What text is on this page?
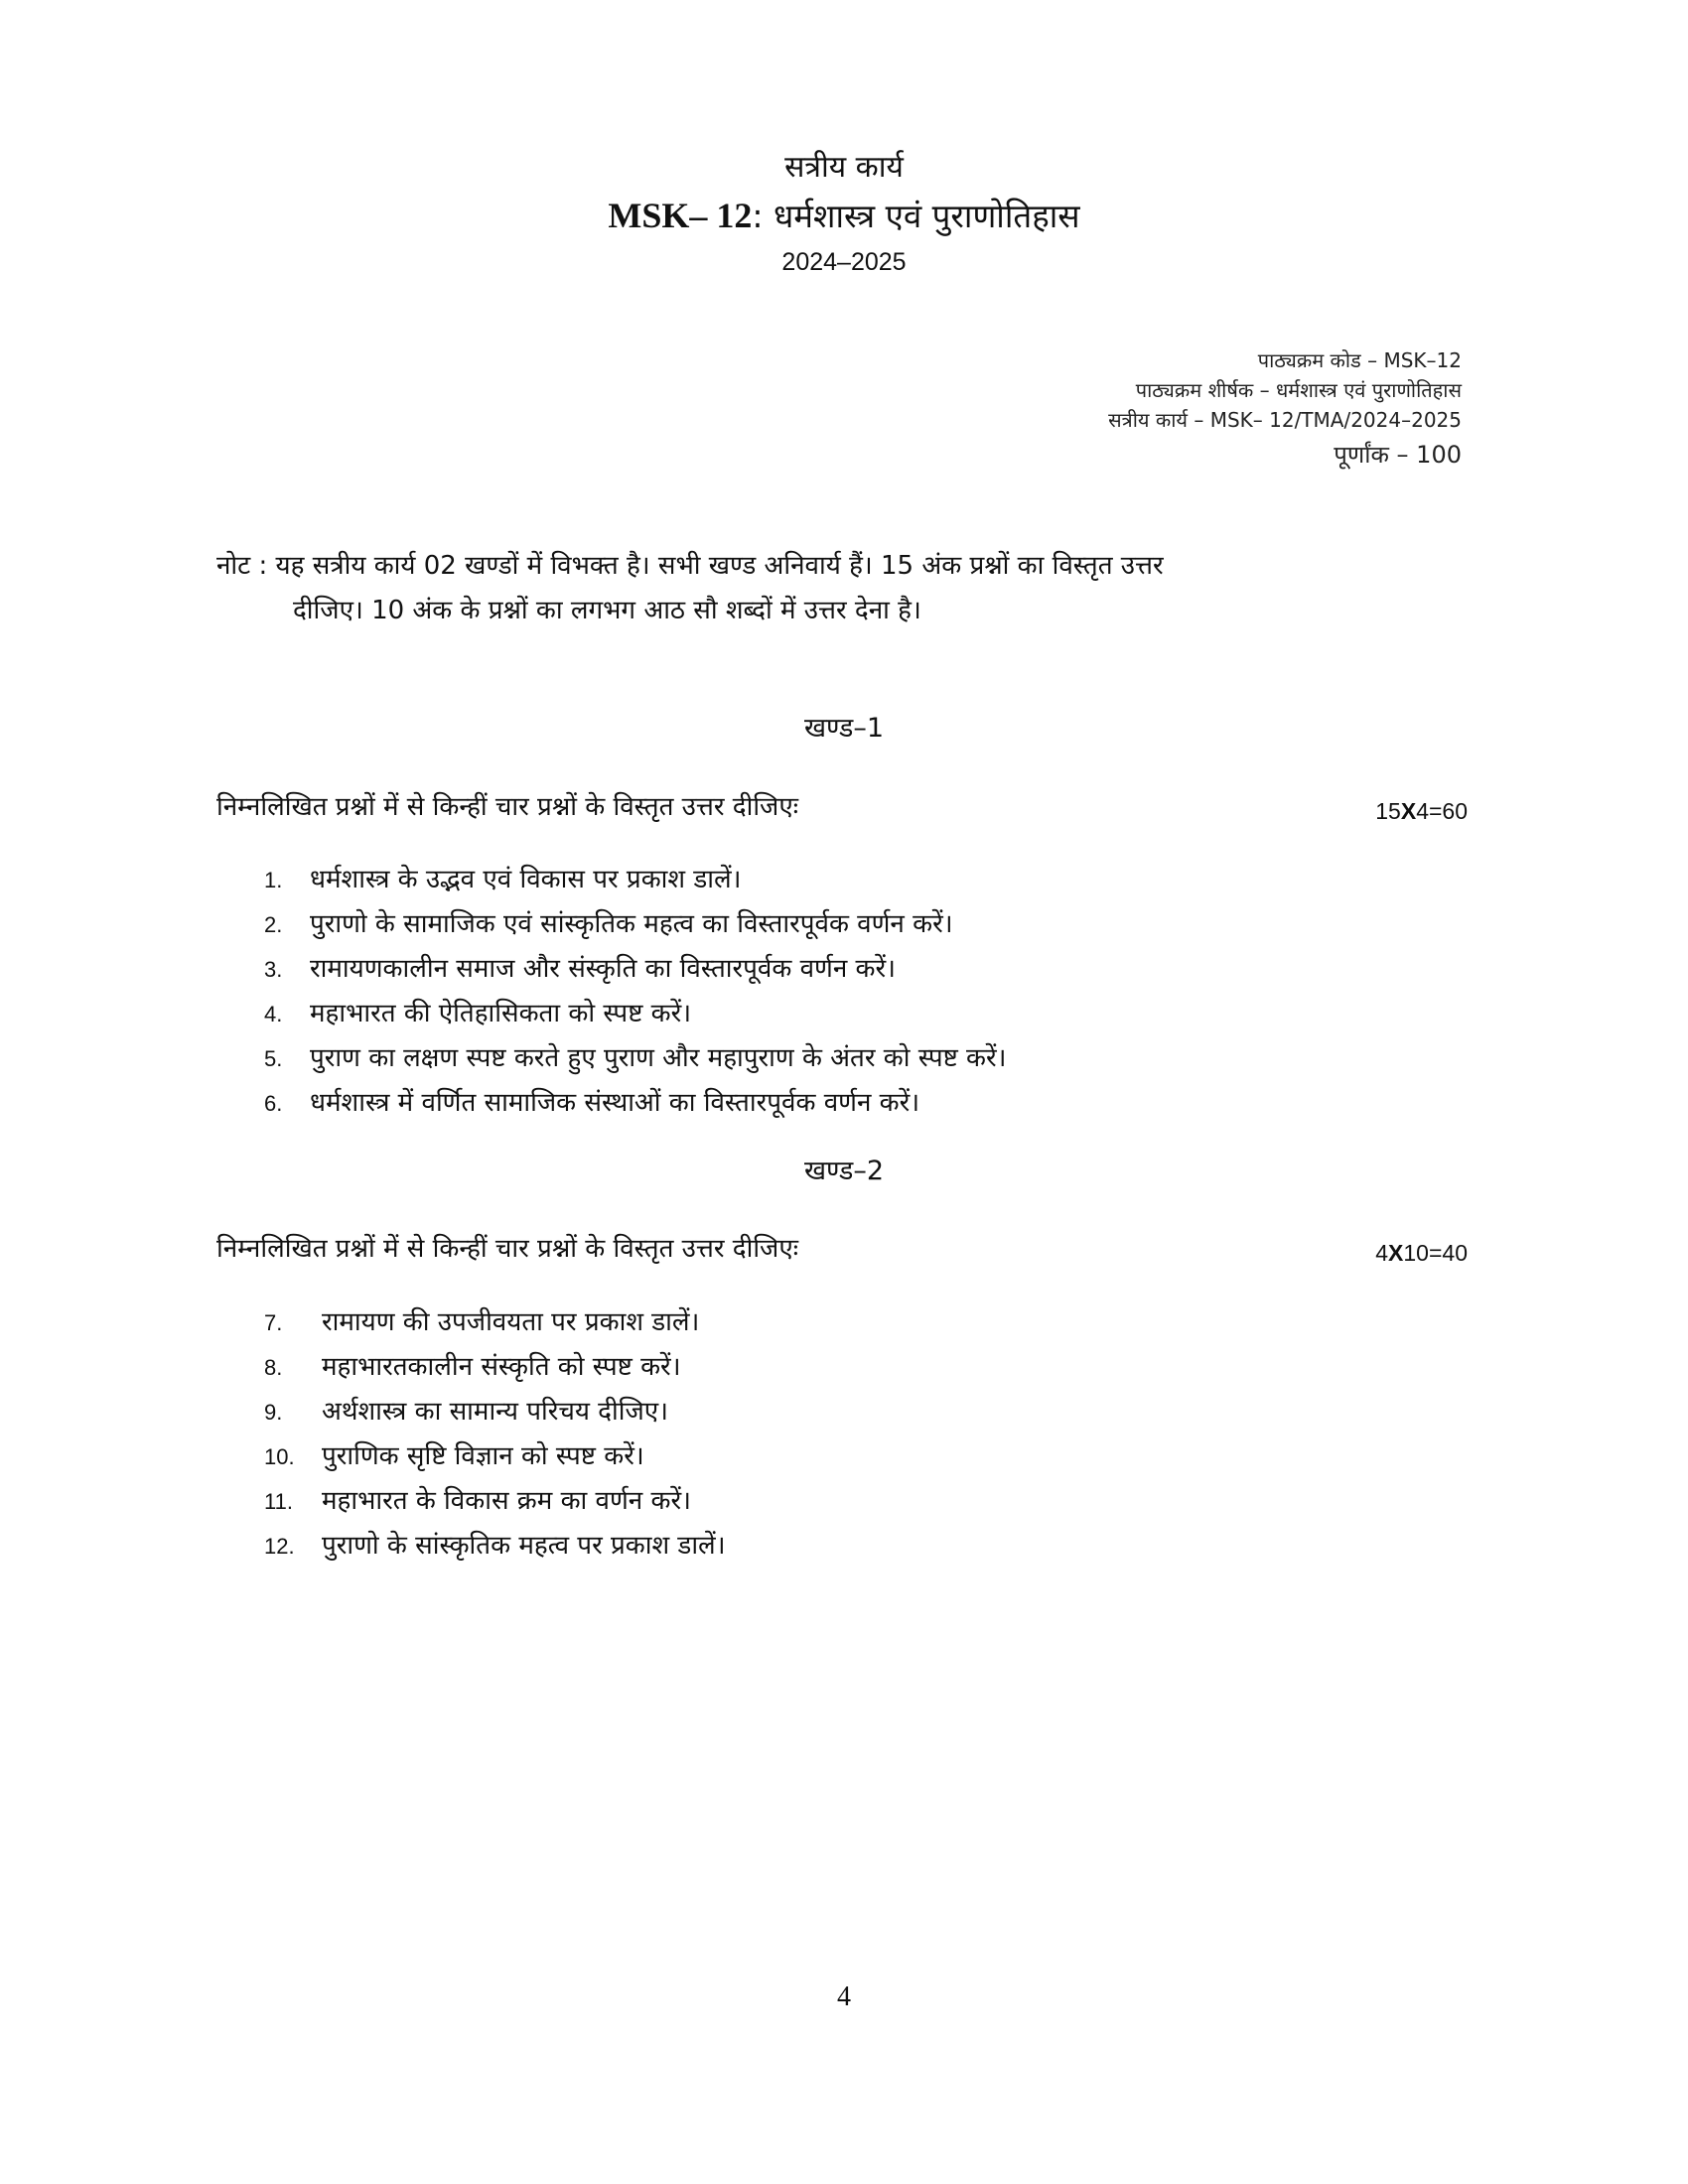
सत्रीय कार्य
MSK– 12: धर्मशास्त्र एवं पुराणोतिहास
2024–2025
पाठ्यक्रम कोड – MSK–12
पाठ्यक्रम शीर्षक – धर्मशास्त्र एवं पुराणोतिहास
सत्रीय कार्य – MSK– 12/TMA/2024–2025
पूर्णांक – 100
नोट : यह सत्रीय कार्य 02 खण्डों में विभक्त है। सभी खण्ड अनिवार्य हैं। 15 अंक प्रश्नों का विस्तृत उत्तर
दीजिए। 10 अंक के प्रश्नों का लगभग आठ सौ शब्दों में उत्तर देना है।
खण्ड–1
निम्नलिखित प्रश्नों में से किन्हीं चार प्रश्नों के विस्तृत उत्तर दीजिएः	15X4=60
1. धर्मशास्त्र के उद्भव एवं विकास पर प्रकाश डालें।
2. पुराणो के सामाजिक एवं सांस्कृतिक महत्व का विस्तारपूर्वक वर्णन करें।
3. रामायणकालीन समाज और संस्कृति का विस्तारपूर्वक वर्णन करें।
4. महाभारत की ऐतिहासिकता को स्पष्ट करें।
5. पुराण का लक्षण स्पष्ट करते हुए पुराण और महापुराण के अंतर को स्पष्ट करें।
6. धर्मशास्त्र में वर्णित सामाजिक संस्थाओं का विस्तारपूर्वक वर्णन करें।
खण्ड–2
निम्नलिखित प्रश्नों में से किन्हीं चार प्रश्नों के विस्तृत उत्तर दीजिएः	4X10=40
7. रामायण की उपजीवयता पर प्रकाश डालें।
8. महाभारतकालीन संस्कृति को स्पष्ट करें।
9. अर्थशास्त्र का सामान्य परिचय दीजिए।
10. पुराणिक सृष्टि विज्ञान को स्पष्ट करें।
11. महाभारत के विकास क्रम का वर्णन करें।
12. पुराणो के सांस्कृतिक महत्व पर प्रकाश डालें।
4
